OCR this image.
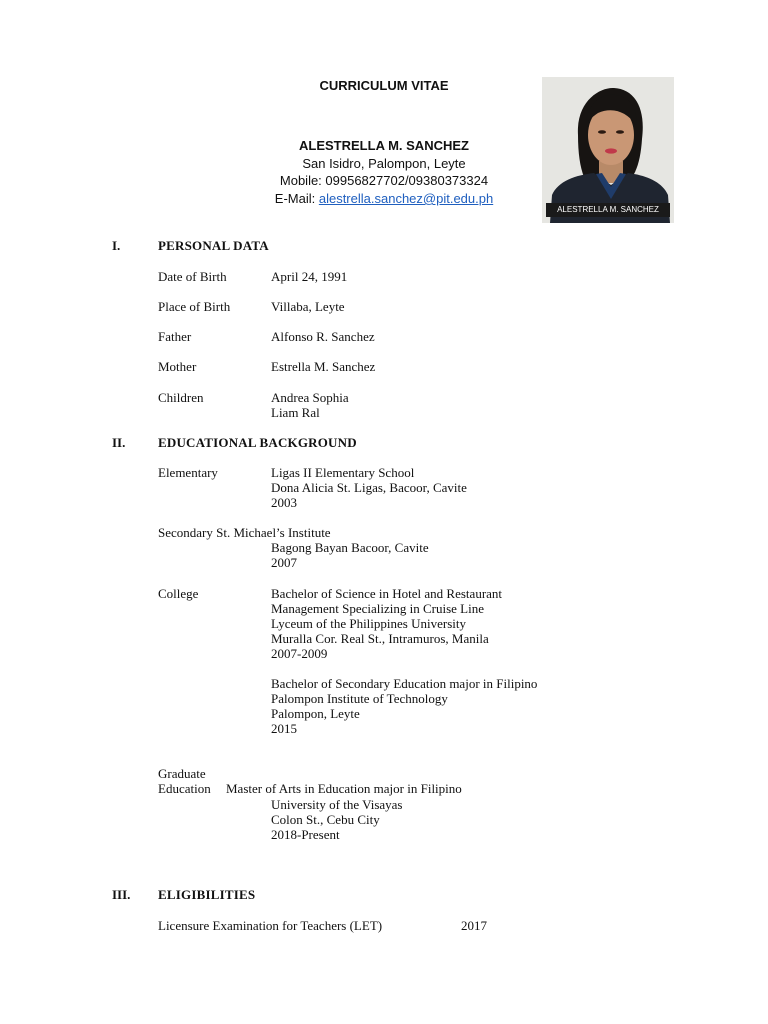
CURRICULUM VITAE
ALESTRELLA M. SANCHEZ
San Isidro, Palompon, Leyte
Mobile: 09956827702/09380373324
E-Mail: alestrella.sanchez@pit.edu.ph
ALESTRELLA M. SANCHEZ
I.	PERSONAL DATA
Date of Birth	April 24, 1991
Place of Birth	Villaba, Leyte
Father	Alfonso R. Sanchez
Mother	Estrella M. Sanchez
Children	Andrea Sophia
Liam Ral
II.	EDUCATIONAL BACKGROUND
Elementary	Ligas II Elementary School
Dona Alicia St. Ligas, Bacoor, Cavite
2003
Secondary St. Michael’s Institute
Bagong Bayan Bacoor, Cavite
2007
College	Bachelor of Science in Hotel and Restaurant
Management Specializing in Cruise Line
Lyceum of the Philippines University
Muralla Cor. Real St., Intramuros, Manila
2007-2009
Bachelor of Secondary Education major in Filipino
Palompon Institute of Technology
Palompon, Leyte
2015
Graduate
Education Master of Arts in Education major in Filipino
University of the Visayas
Colon St., Cebu City
2018-Present
III. ELIGIBILITIES
Licensure Examination for Teachers (LET)	2017
